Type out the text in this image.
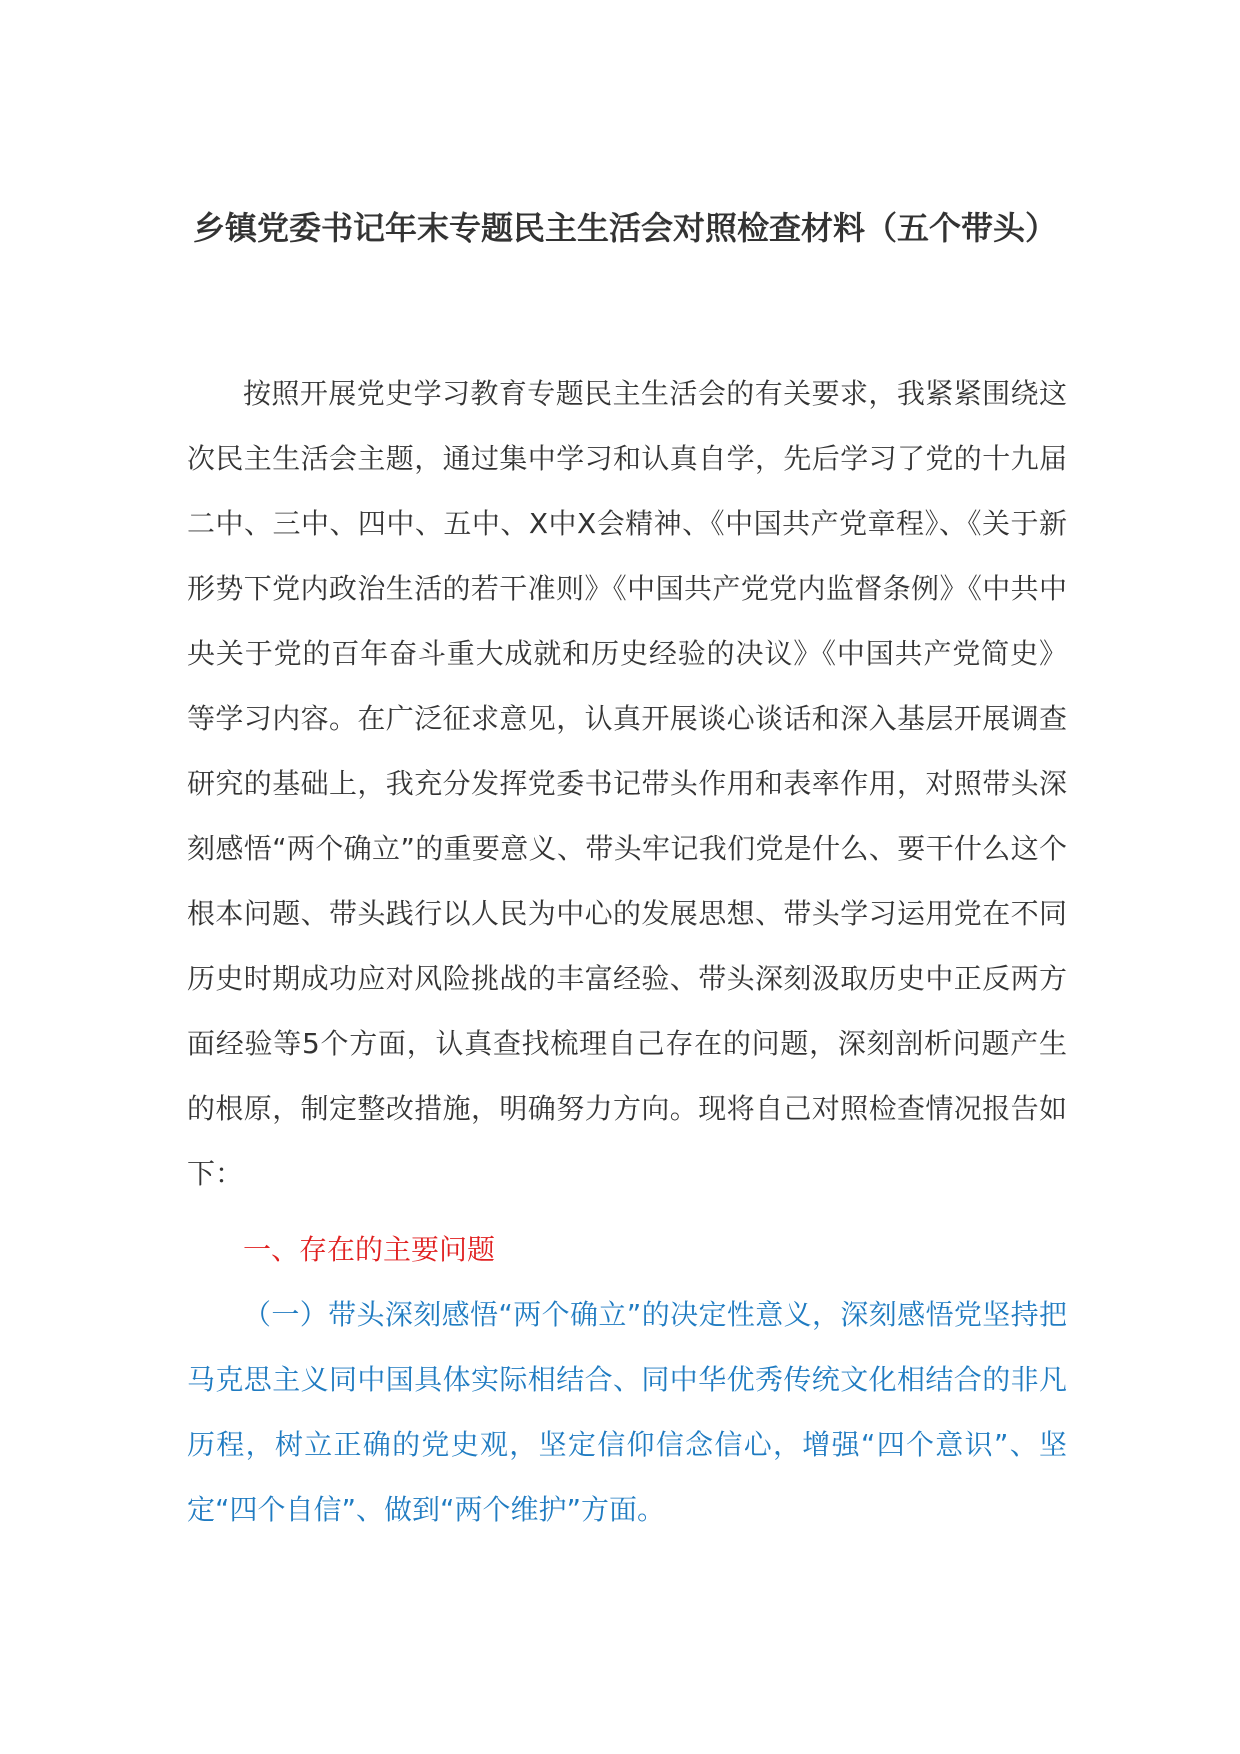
乡镇党委书记年末专题民主生活会对照检查材料（五个带头）

按照开展党史学习教育专题民主生活会的有关要求，我紧紧围绕这次民主生活会主题，通过集中学习和认真自学，先后学习了党的十九届二中、三中、四中、五中、X中X会精神、《中国共产党章程》、《关于新形势下党内政治生活的若干准则》《中国共产党党内监督条例》《中共中央关于党的百年奋斗重大成就和历史经验的决议》《中国共产党简史》等学习内容。在广泛征求意见，认真开展谈心谈话和深入基层开展调查研究的基础上，我充分发挥党委书记带头作用和表率作用，对照带头深刻感悟“两个确立”的重要意义、带头牢记我们党是什么、要干什么这个根本问题、带头践行以人民为中心的发展思想、带头学习运用党在不同历史时期成功应对风险挑战的丰富经验、带头深刻汲取历史中正反两方面经验等5个方面，认真查找梳理自己存在的问题，深刻剖析问题产生的根原，制定整改措施，明确努力方向。现将自己对照检查情况报告如下：

一、存在的主要问题

（一）带头深刻感悟“两个确立”的决定性意义，深刻感悟党坚持把马克思主义同中国具体实际相结合、同中华优秀传统文化相结合的非凡历程，树立正确的党史观，坚定信仰信念信心，增强“四个意识”、坚定“四个自信”、做到“两个维护”方面。
